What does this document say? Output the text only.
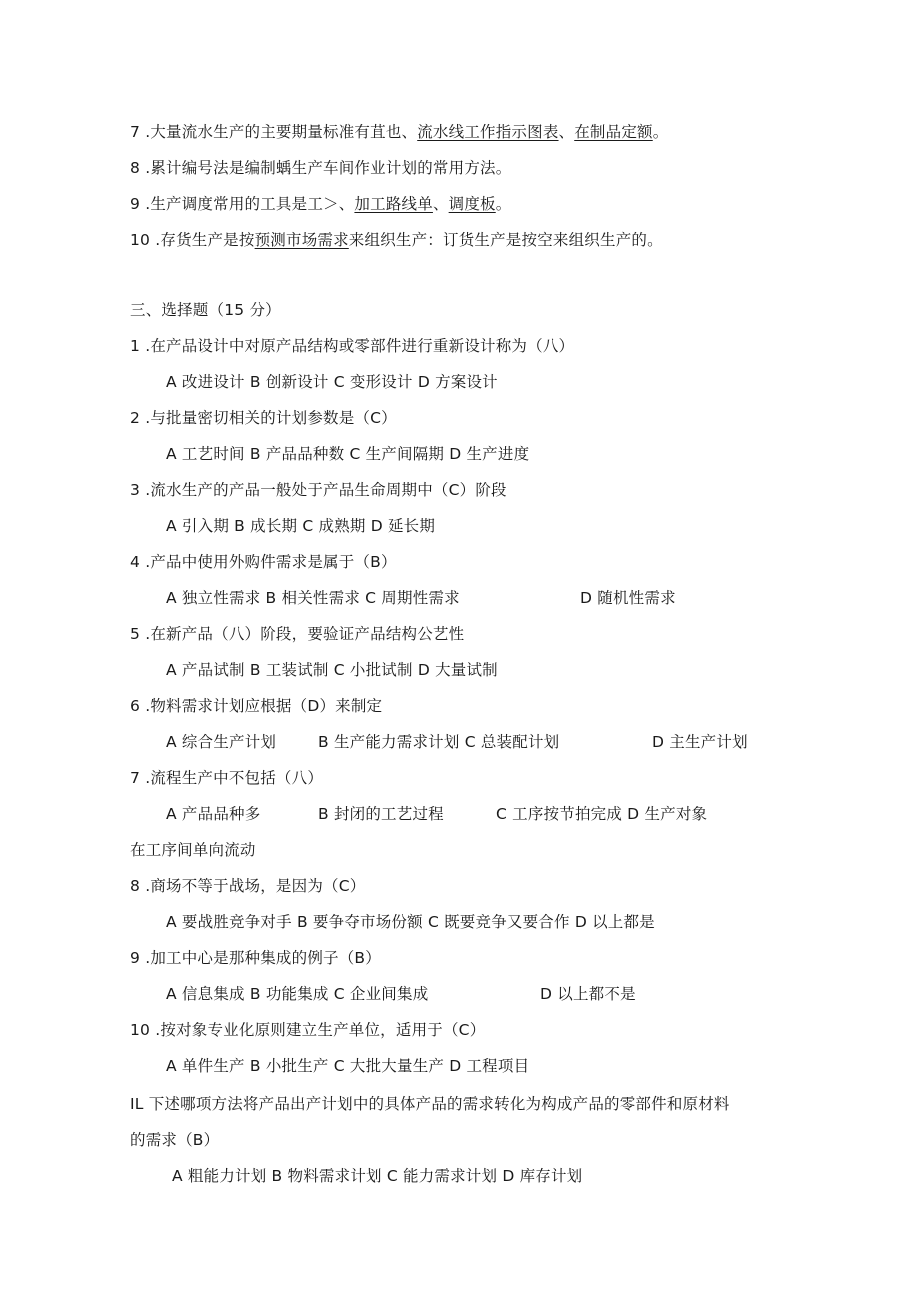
7 .大量流水生产的主要期量标准有苴也、流水线工作指示图表、在制品定额。
8 .累计编号法是编制蝺生产车间作业计划的常用方法。
9 .生产调度常用的工具是工＞、加工路线单、调度板。
10 .存货生产是按预测市场需求来组织生产：订货生产是按空来组织生产的。
三、选择题（15 分）
1 .在产品设计中对原产品结构或零部件进行重新设计称为（八）
A 改进设计 B 创新设计 C 变形设计 D 方案设计
2 .与批量密切相关的计划参数是（C）
A 工艺时间 B 产品品种数 C 生产间隔期 D 生产进度
3 .流水生产的产品一般处于产品生命周期中（C）阶段
A 引入期 B 成长期 C 成熟期 D 延长期
4 .产品中使用外购件需求是属于（B）
A 独立性需求 B 相关性需求 C 周期性需求	D 随机性需求
5 .在新产品（八）阶段，要验证产品结构公艺性
A 产品试制 B 工装试制 C 小批试制 D 大量试制
6 .物料需求计划应根据（D）来制定
A 综合生产计划	B 生产能力需求计划 C 总装配计划	D 主生产计划
7 .流程生产中不包括（八）
A 产品品种多	B 封闭的工艺过程	C 工序按节拍完成 D 生产对象
在工序间单向流动
8 .商场不等于战场，是因为（C）
A 要战胜竞争对手 B 要争夺市场份额 C 既要竞争又要合作 D 以上都是
9 .加工中心是那种集成的例子（B）
A 信息集成 B 功能集成 C 企业间集成	D 以上都不是
10 .按对象专业化原则建立生产单位，适用于（C）
A 单件生产 B 小批生产 C 大批大量生产 D 工程项目
IL 下述哪项方法将产品出产计划中的具体产品的需求转化为构成产品的零部件和原材料
的需求（B）
A 粗能力计划 B 物料需求计划 C 能力需求计划 D 库存计划
